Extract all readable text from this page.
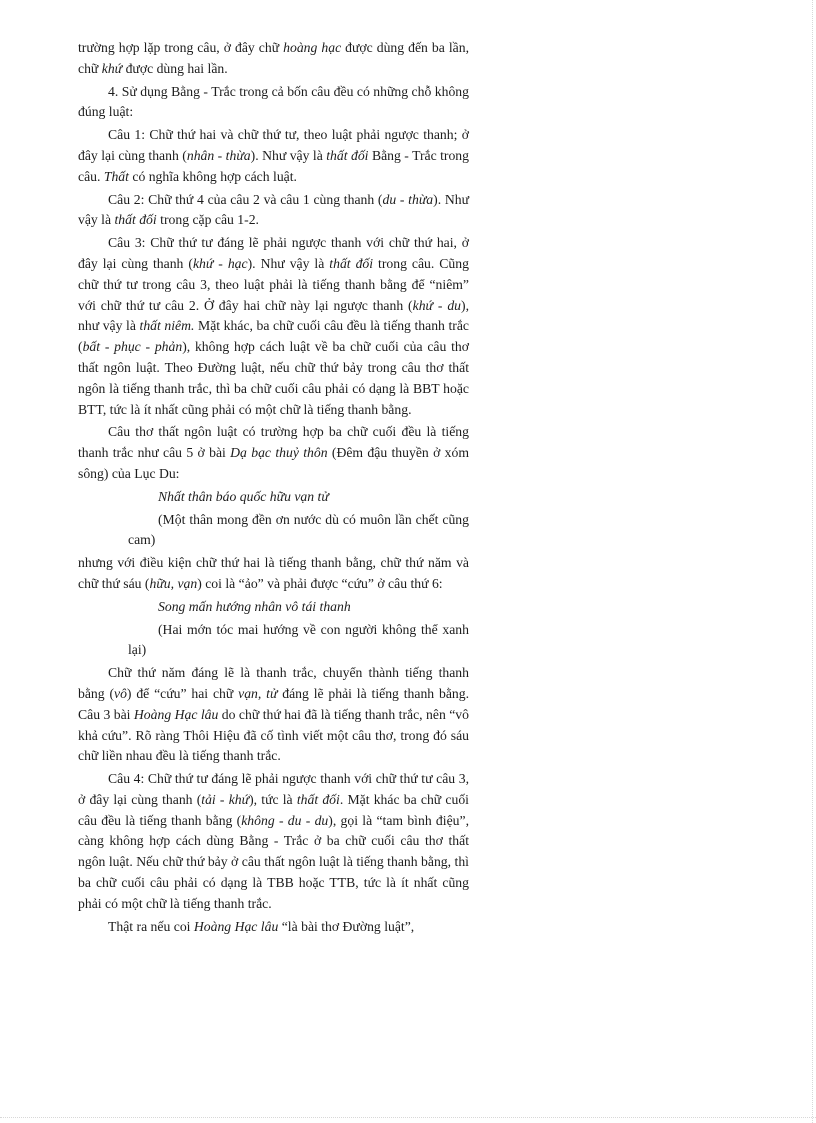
trường hợp lặp trong câu, ở đây chữ hoàng hạc được dùng đến ba lần, chữ khứ được dùng hai lần.

4. Sử dụng Bằng - Trắc trong cả bốn câu đều có những chỗ không đúng luật:

Câu 1: Chữ thứ hai và chữ thứ tư, theo luật phải ngược thanh; ở đây lại cùng thanh (nhân - thừa). Như vậy là thất đối Bằng - Trắc trong câu. Thất có nghĩa không hợp cách luật.

Câu 2: Chữ thứ 4 của câu 2 và câu 1 cùng thanh (du - thừa). Như vậy là thất đối trong cặp câu 1-2.

Câu 3: Chữ thứ tư đáng lẽ phải ngược thanh với chữ thứ hai, ở đây lại cùng thanh (khứ - hạc). Như vậy là thất đối trong câu. Cũng chữ thứ tư trong câu 3, theo luật phải là tiếng thanh bằng để “niêm” với chữ thứ tư câu 2. Ở đây hai chữ này lại ngược thanh (khứ - du), như vậy là thất niêm. Mặt khác, ba chữ cuối câu đều là tiếng thanh trắc (bất - phục - phản), không hợp cách luật về ba chữ cuối của câu thơ thất ngôn luật. Theo Đường luật, nếu chữ thứ bảy trong câu thơ thất ngôn là tiếng thanh trắc, thì ba chữ cuối câu phải có dạng là BBT hoặc BTT, tức là ít nhất cũng phải có một chữ là tiếng thanh bằng.

Câu thơ thất ngôn luật có trường hợp ba chữ cuối đều là tiếng thanh trắc như câu 5 ở bài Dạ bạc thuỷ thôn (Đêm đậu thuyền ở xóm sông) của Lục Du:

Nhất thân báo quốc hữu vạn tử

(Một thân mong đền ơn nước dù có muôn lần chết cũng cam)

nhưng với điều kiện chữ thứ hai là tiếng thanh bằng, chữ thứ năm và chữ thứ sáu (hữu, vạn) coi là “ảo” và phải được “cứu” ở câu thứ 6:

Song mấn hướng nhân vô tái thanh

(Hai mớn tóc mai hướng về con người không thể xanh lại)

Chữ thứ năm đáng lẽ là thanh trắc, chuyển thành tiếng thanh bằng (vô) để “cứu” hai chữ vạn, tử đáng lẽ phải là tiếng thanh bằng. Câu 3 bài Hoàng Hạc lâu do chữ thứ hai đã là tiếng thanh trắc, nên “vô khả cứu”. Rõ ràng Thôi Hiệu đã cố tình viết một câu thơ, trong đó sáu chữ liền nhau đều là tiếng thanh trắc.

Câu 4: Chữ thứ tư đáng lẽ phải ngược thanh với chữ thứ tư câu 3, ở đây lại cùng thanh (tải - khứ), tức là thất đối. Mặt khác ba chữ cuối câu đều là tiếng thanh bằng (không - du - du), gọi là “tam bình điệu”, càng không hợp cách dùng Bằng - Trắc ở ba chữ cuối câu thơ thất ngôn luật. Nếu chữ thứ bảy ở câu thất ngôn luật là tiếng thanh bằng, thì ba chữ cuối câu phải có dạng là TBB hoặc TTB, tức là ít nhất cũng phải có một chữ là tiếng thanh trắc.

Thật ra nếu coi Hoàng Hạc lâu “là bài thơ Đường luật”,
